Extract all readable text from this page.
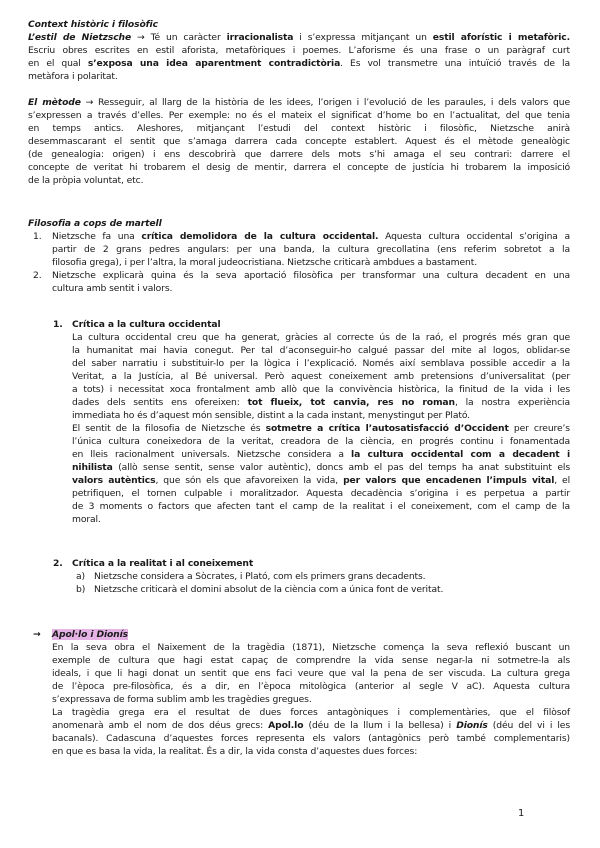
Context històric i filosòfic
L’estil de Nietzsche → Té un caràcter irracionalista i s’expressa mitjançant un estil aforístic i metafòric.
Escriu obres escrites en estil aforista, metafòriques i poemes. L’aforisme és una frase o un paràgraf curt
en el qual s’exposa una idea aparentment contradictòria. Es vol transmetre una intuïció través de la
metàfora i polaritat.
El mètode → Resseguir, al llarg de la història de les idees, l’origen i l’evolució de les paraules, i dels valors que
s’expressen a través d’elles. Per exemple: no és el mateix el significat d’home bo en l’actualitat, del que tenia
en temps antics. Aleshores, mitjançant l’estudi del context històric i filosòfic, Nietzsche anirà
desemmascarant el sentit que s’amaga darrera cada concepte establert. Aquest és el mètode genealògic
(de genealogia: origen) i ens descobrirà que darrere dels mots s’hi amaga el seu contrari: darrere el
concepte de veritat hi trobarem el desig de mentir, darrera el concepte de justícia hi trobarem la imposició
de la pròpia voluntat, etc.
Filosofia a cops de martell
1. Nietzsche fa una crítica demolidora de la cultura occidental. Aquesta cultura occidental s’origina a
partir de 2 grans pedres angulars: per una banda, la cultura grecollatina (ens referim sobretot a la
filosofia grega), i per l’altra, la moral judeocristiana. Nietzsche criticarà ambdues a bastament.
2. Nietzsche explicarà quina és la seva aportació filosòfica per transformar una cultura decadent en una
cultura amb sentit i valors.
1. Crítica a la cultura occidental
La cultura occidental creu que ha generat, gràcies al correcte ús de la raó, el progrés més gran que
la humanitat mai havia conegut. Per tal d’aconseguir-ho calgué passar del mite al logos, oblidar-se
del saber narratiu i substituir-lo per la lògica i l’explicació. Només així semblava possible accedir a la
Veritat, a la Justícia, al Bé universal. Però aquest coneixement amb pretensions d’universalitat (per
a tots) i necessitat xoca frontalment amb allò que la convivència històrica, la finitud de la vida i les
dades dels sentits ens ofereixen: tot flueix, tot canvia, res no roman, la nostra experiència
immediata ho és d’aquest món sensible, distint a la cada instant, menystingut per Plató.
El sentit de la filosofia de Nietzsche és sotmetre a crítica l’autosatisfacció d’Occident per creure’s
l’única cultura coneixedora de la veritat, creadora de la ciència, en progrés continu i fonamentada
en lleis racionalment universals. Nietzsche considera a la cultura occidental com a decadent i
nihilista (allò sense sentit, sense valor autèntic), doncs amb el pas del temps ha anat substituint els
valors autèntics, que són els que afavoreixen la vida, per valors que encadenen l’impuls vital, el
petrifiquen, el tornen culpable i moralitzador. Aquesta decadència s’origina i es perpetua a partir
de 3 moments o factors que afecten tant el camp de la realitat i el coneixement, com el camp de la
moral.
2. Crítica a la realitat i al coneixement
a) Nietzsche considera a Sòcrates, i Plató, com els primers grans decadents.
b) Nietzsche criticarà el domini absolut de la ciència com a única font de veritat.
→ Apol·lo i Dionís
En la seva obra el Naixement de la tragèdia (1871), Nietzsche comença la seva reflexió buscant un
exemple de cultura que hagi estat capaç de comprendre la vida sense negar-la ni sotmetre-la als
ideals, i que li hagi donat un sentit que ens faci veure que val la pena de ser viscuda. La cultura grega
de l’època pre-filosòfica, és a dir, en l’època mitològica (anterior al segle V aC). Aquesta cultura
s’expressava de forma sublim amb les tragèdies gregues.
La tragèdia grega era el resultat de dues forces antagòniques i complementàries, que el filòsof
anomenarà amb el nom de dos déus grecs: Apol.lo (déu de la llum i la bellesa) i Dionís (déu del vi i les
bacanals). Cadascuna d’aquestes forces representa els valors (antagònics però també complementaris)
en que es basa la vida, la realitat. És a dir, la vida consta d’aquestes dues forces:
1
